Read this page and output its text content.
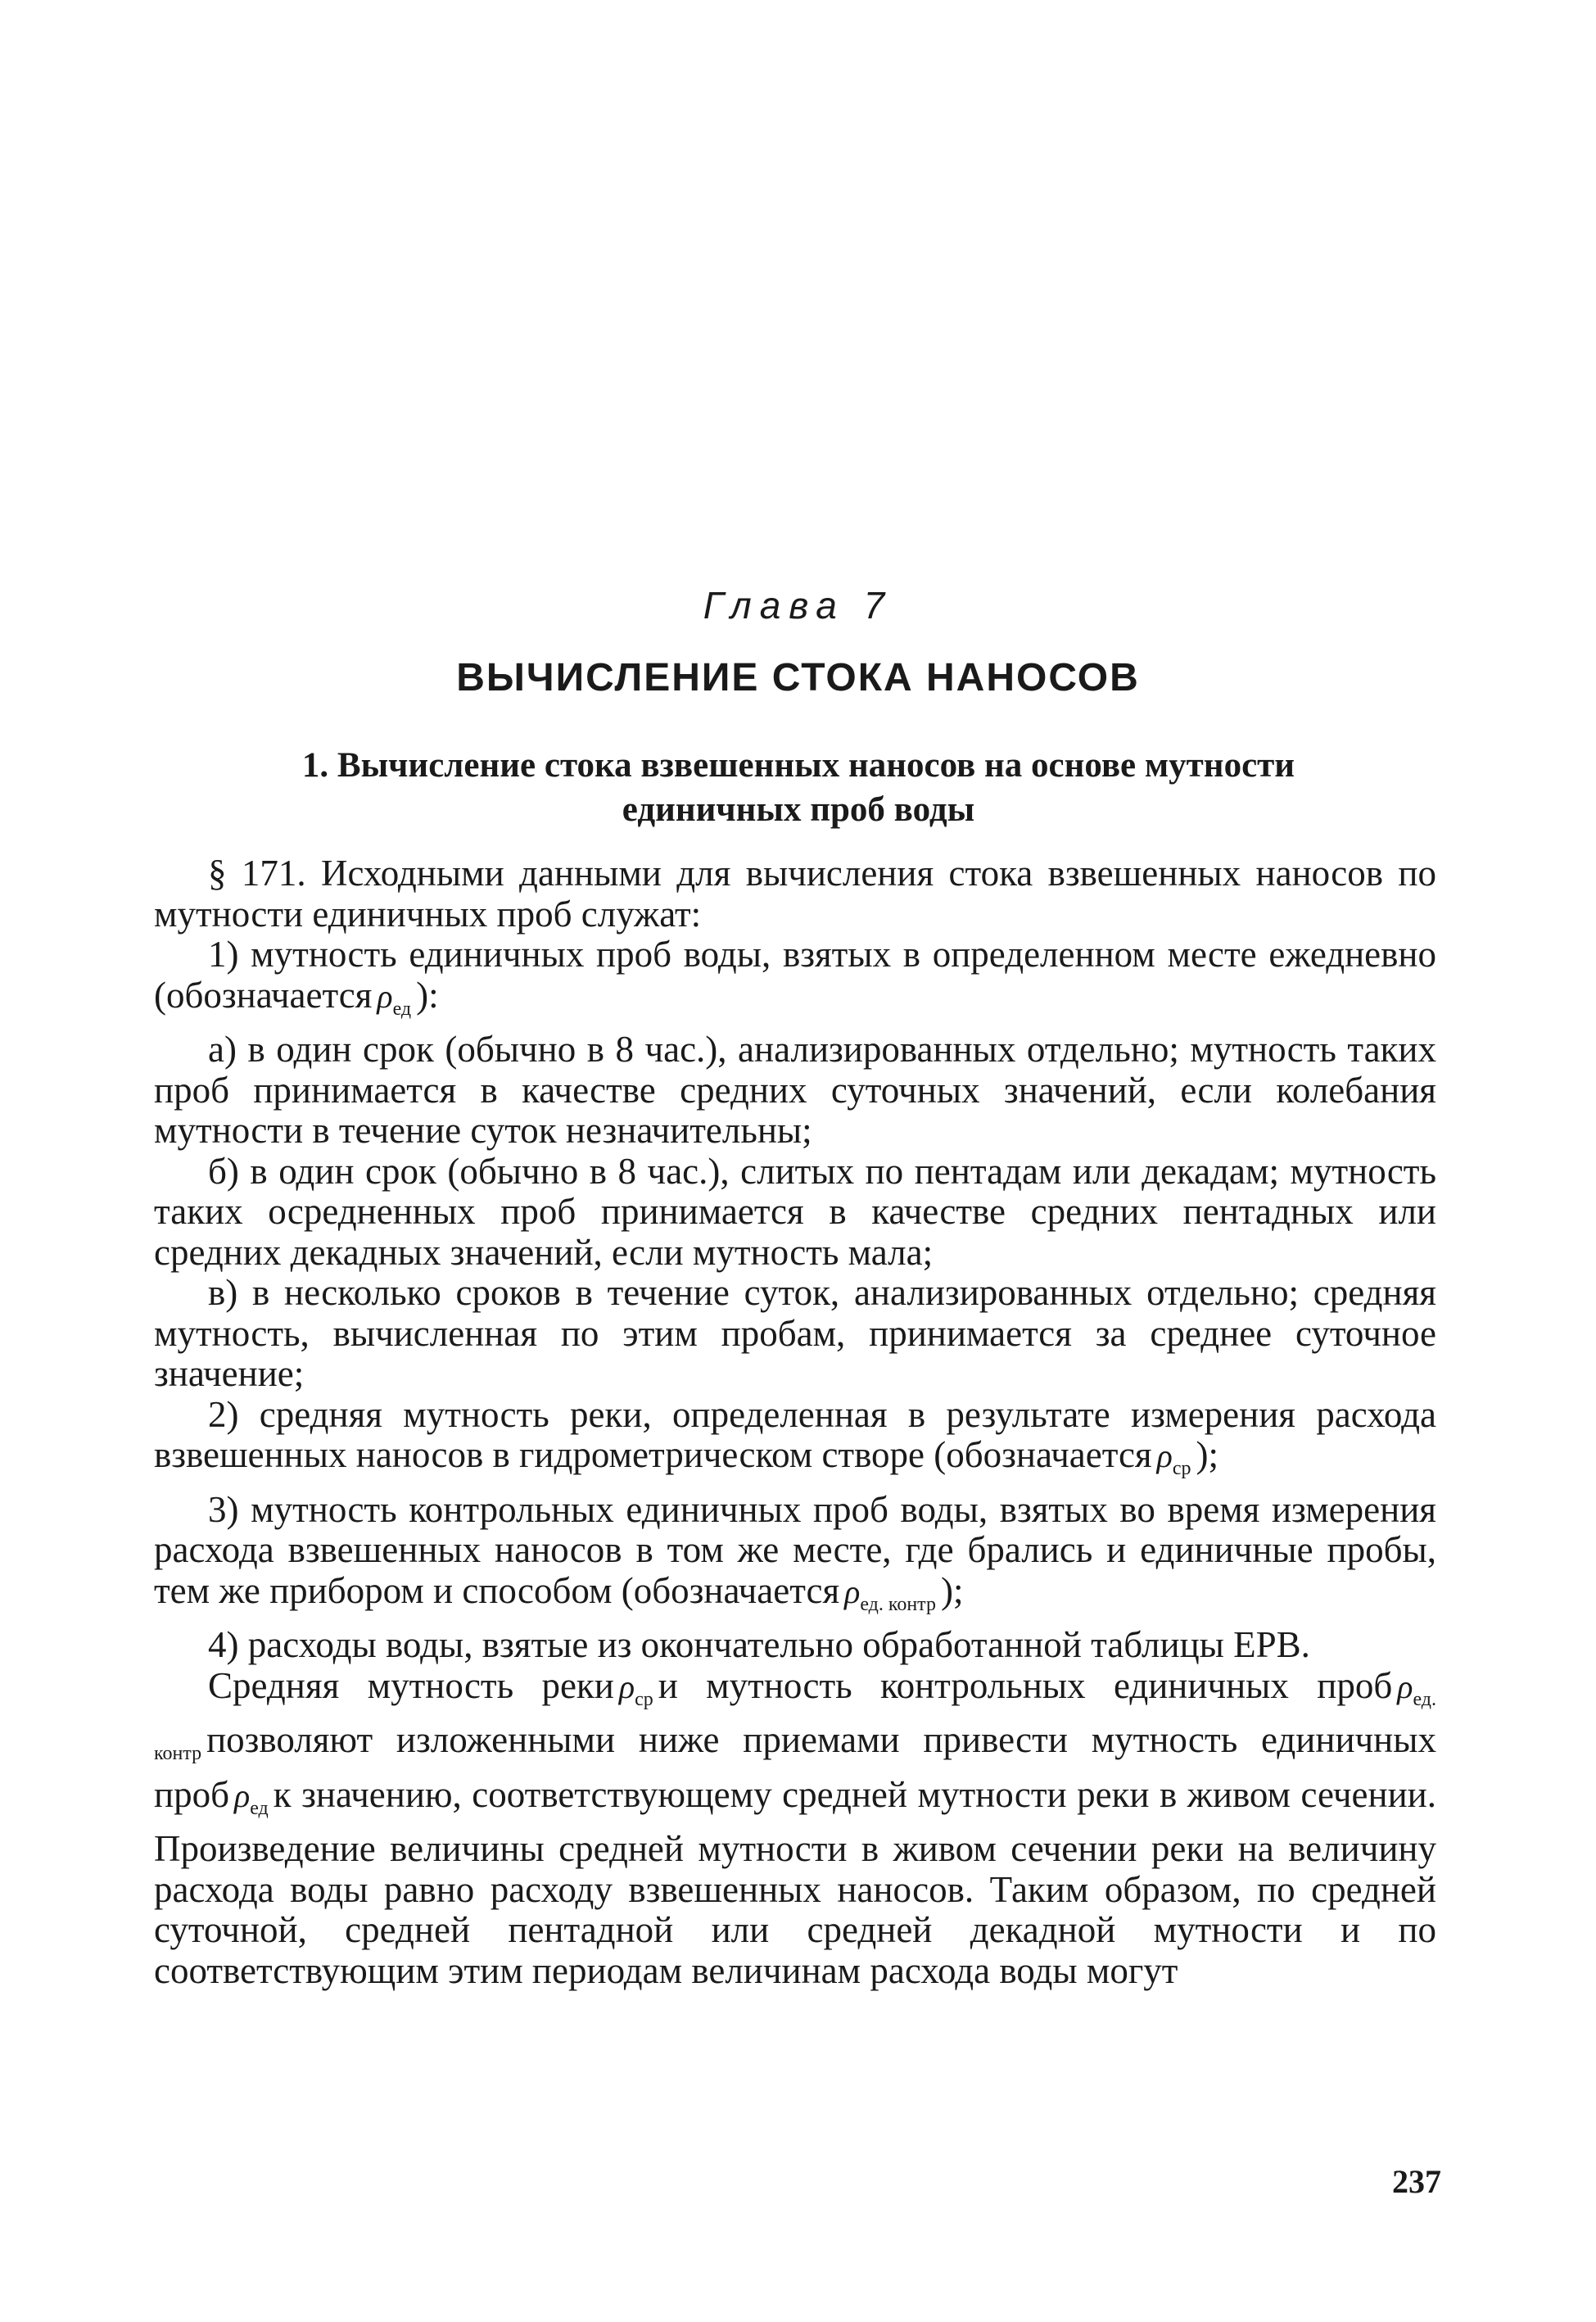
Глава 7
ВЫЧИСЛЕНИЕ СТОКА НАНОСОВ
1. Вычисление стока взвешенных наносов на основе мутности
единичных проб воды

§ 171. Исходными данными для вычисления стока взвешенных наносов по мутности единичных проб служат:

1) мутность единичных проб воды, взятых в определенном месте ежедневно (обозначается $\rho_{ед}$ ):

а) в один срок (обычно в 8 час.), анализированных отдельно; мутность таких проб принимается в качестве средних суточных значений, если колебания мутности в течение суток незначительны;

б) в один срок (обычно в 8 час.), слитых по пентадам или декадам; мутность таких осредненных проб принимается в качестве средних пентадных или средних декадных значений, если мутность мала;

в) в несколько сроков в течение суток, анализированных отдельно; средняя мутность, вычисленная по этим пробам, принимается за среднее суточное значение;

2) средняя мутность реки, определенная в результате измерения расхода взвешенных наносов в гидрометрическом створе (обозначается $\rho_{ср}$ );

3) мутность контрольных единичных проб воды, взятых во время измерения расхода взвешенных наносов в том же месте, где брались и единичные пробы, тем же прибором и способом (обозначается $\rho_{ед. контр}$ );

4) расходы воды, взятые из окончательно обработанной таблицы ЕРВ.

Средняя мутность реки $\rho_{ср}$ и мутность контрольных единичных проб $\rho_{ед. контр}$ позволяют изложенными ниже приемами привести мутность единичных проб $\rho_{ед}$ к значению, соответствующему средней мутности реки в живом сечении. Произведение величины средней мутности в живом сечении реки на величину расхода воды равно расходу взвешенных наносов. Таким образом, по средней суточной, средней пентадной или средней декадной мутности и по соответствующим этим периодам величинам расхода воды могут

237
